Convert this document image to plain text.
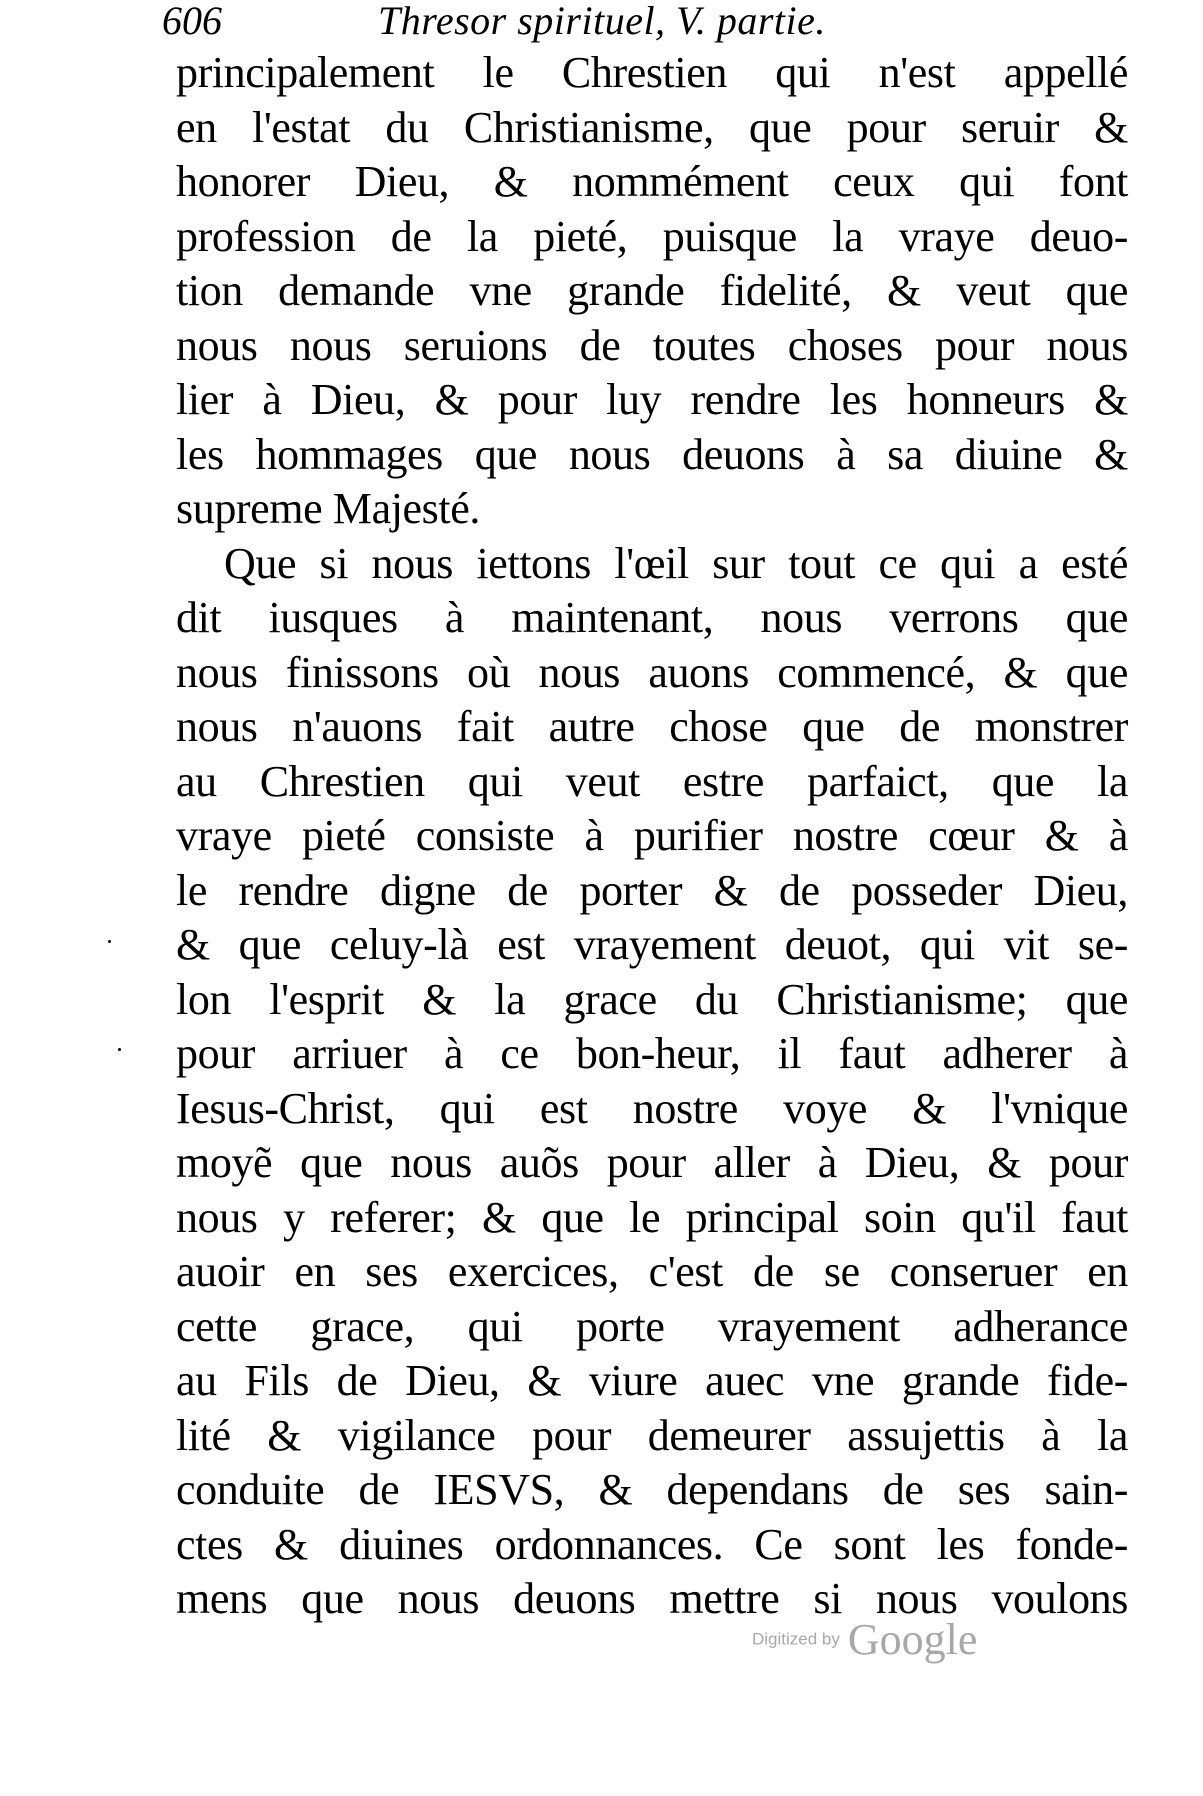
606	Thresor spirituel, V. partie.
principalement le Chrestien qui n'est appellé
en l'estat du Christianisme, que pour seruir &
honorer Dieu, & nommément ceux qui font
profession de la pieté, puisque la vraye deuo-
tion demande vne grande fidelité, & veut que
nous nous seruions de toutes choses pour nous
lier à Dieu, & pour luy rendre les honneurs &
les hommages que nous deuons à sa diuine &
supreme Majesté.
Que si nous iettons l'œil sur tout ce qui a esté
dit iusques à maintenant, nous verrons que
nous finissons où nous auons commencé, & que
nous n'auons fait autre chose que de monstrer
au Chrestien qui veut estre parfaict, que la
vraye pieté consiste à purifier nostre cœur & à
le rendre digne de porter & de posseder Dieu,
& que celuy-là est vrayement deuot, qui vit se-
lon l'esprit & la grace du Christianisme; que
pour arriuer à ce bon-heur, il faut adherer à
Iesus-Christ, qui est nostre voye & l'vnique
moyẽ que nous auõs pour aller à Dieu, & pour
nous y referer; & que le principal soin qu'il faut
auoir en ses exercices, c'est de se conseruer en
cette grace, qui porte vrayement adherance
au Fils de Dieu, & viure auec vne grande fide-
lité & vigilance pour demeurer assujettis à la
conduite de IESVS, & dependans de ses sain-
ctes & diuines ordonnances. Ce sont les fonde-
mens que nous deuons mettre si nous voulons
Digitized by Google
